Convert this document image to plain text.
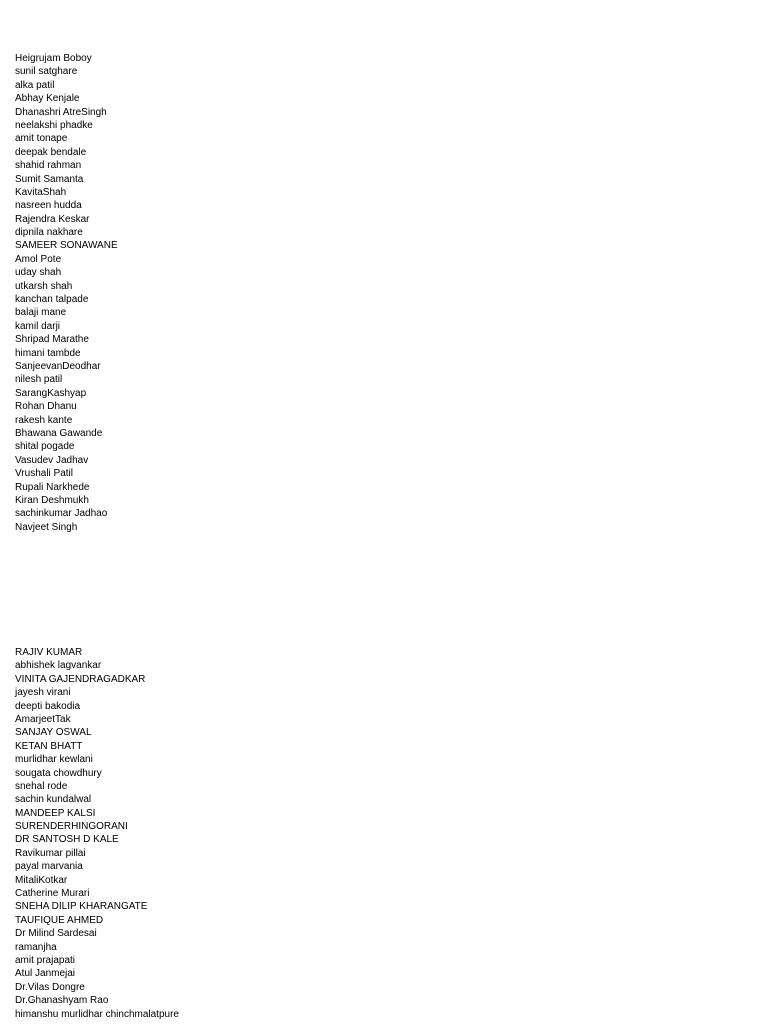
Heigrujam Boboy
sunil satghare
alka patil
Abhay Kenjale
Dhanashri AtreSingh
neelakshi phadke
amit tonape
deepak bendale
shahid rahman
Sumit Samanta
KavitaShah
nasreen hudda
Rajendra Keskar
dipnila nakhare
SAMEER SONAWANE
Amol Pote
uday shah
utkarsh shah
kanchan talpade
balaji mane
kamil darji
Shripad Marathe
himani tambde
SanjeevanDeodhar
nilesh patil
SarangKashyap
Rohan Dhanu
rakesh kante
Bhawana Gawande
shital pogade
Vasudev Jadhav
Vrushali Patil
Rupali Narkhede
Kiran Deshmukh
sachinkumar Jadhao
Navjeet Singh
RAJIV KUMAR
abhishek lagvankar
VINITA GAJENDRAGADKAR
jayesh virani
deepti bakodia
AmarjeetTak
SANJAY OSWAL
KETAN BHATT
murlidhar kewlani
sougata chowdhury
snehal rode
sachin kundalwal
MANDEEP KALSI
SURENDERHINGORANI
DR SANTOSH D KALE
Ravikumar pillai
payal marvania
MitaliKotkar
Catherine Murari
SNEHA DILIP KHARANGATE
TAUFIQUE AHMED
Dr Milind Sardesai
ramanjha
amit prajapati
Atul Janmejai
Dr.Vilas Dongre
Dr.Ghanashyam Rao
himanshu murlidhar chinchmalatpure
